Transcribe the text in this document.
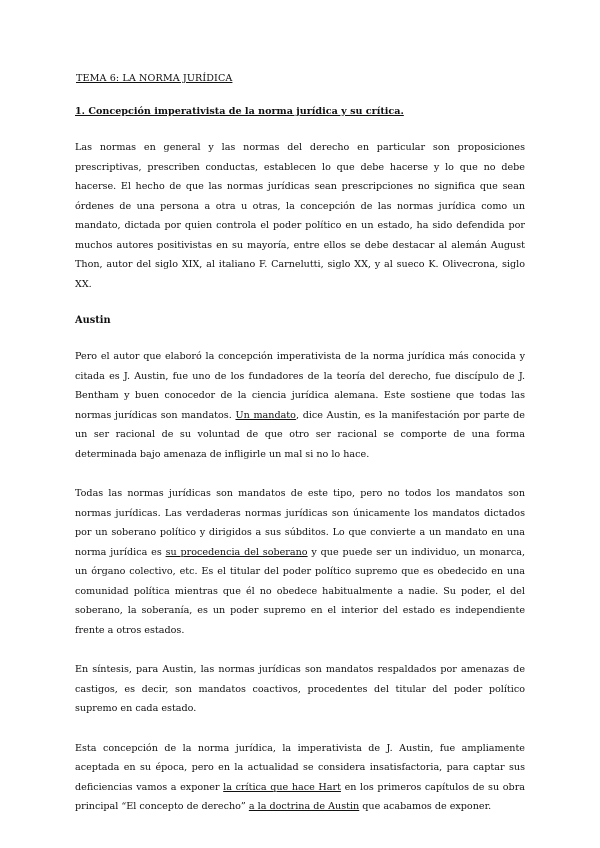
TEMA 6: LA NORMA JURÍDICA
1. Concepción imperativista de la norma jurídica y su crítica.

Las normas en general y las normas del derecho en particular son proposiciones prescriptivas, prescriben conductas, establecen lo que debe hacerse y lo que no debe hacerse. El hecho de que las normas jurídicas sean prescripciones no significa que sean órdenes de una persona a otra u otras, la concepción de las normas jurídica como un mandato, dictada por quien controla el poder político en un estado, ha sido defendida por muchos autores positivistas en su mayoría, entre ellos se debe destacar al alemán August Thon, autor del siglo XIX, al italiano F. Carnelutti, siglo XX, y al sueco K. Olivecrona, siglo XX.

Austin

Pero el autor que elaboró la concepción imperativista de la norma jurídica más conocida y citada es J. Austin, fue uno de los fundadores de la teoría del derecho, fue discípulo de J. Bentham y buen conocedor de la ciencia jurídica alemana. Este sostiene que todas las normas jurídicas son mandatos. Un mandato, dice Austin, es la manifestación por parte de un ser racional de su voluntad de que otro ser racional se comporte de una forma determinada bajo amenaza de infligirle un mal si no lo hace.

Todas las normas jurídicas son mandatos de este tipo, pero no todos los mandatos son normas jurídicas. Las verdaderas normas jurídicas son únicamente los mandatos dictados por un soberano político y dirigidos a sus súbditos. Lo que convierte a un mandato en una norma jurídica es su procedencia del soberano y que puede ser un individuo, un monarca, un órgano colectivo, etc. Es el titular del poder político supremo que es obedecido en una comunidad política mientras que él no obedece habitualmente a nadie. Su poder, el del soberano, la soberanía, es un poder supremo en el interior del estado es independiente frente a otros estados.

En síntesis, para Austin, las normas jurídicas son mandatos respaldados por amenazas de castigos, es decir, son mandatos coactivos, procedentes del titular del poder político supremo en cada estado.

Esta concepción de la norma jurídica, la imperativista de J. Austin, fue ampliamente aceptada en su época, pero en la actualidad se considera insatisfactoria, para captar sus deficiencias vamos a exponer la crítica que hace Hart en los primeros capítulos de su obra principal “El concepto de derecho” a la doctrina de Austin que acabamos de exponer.
